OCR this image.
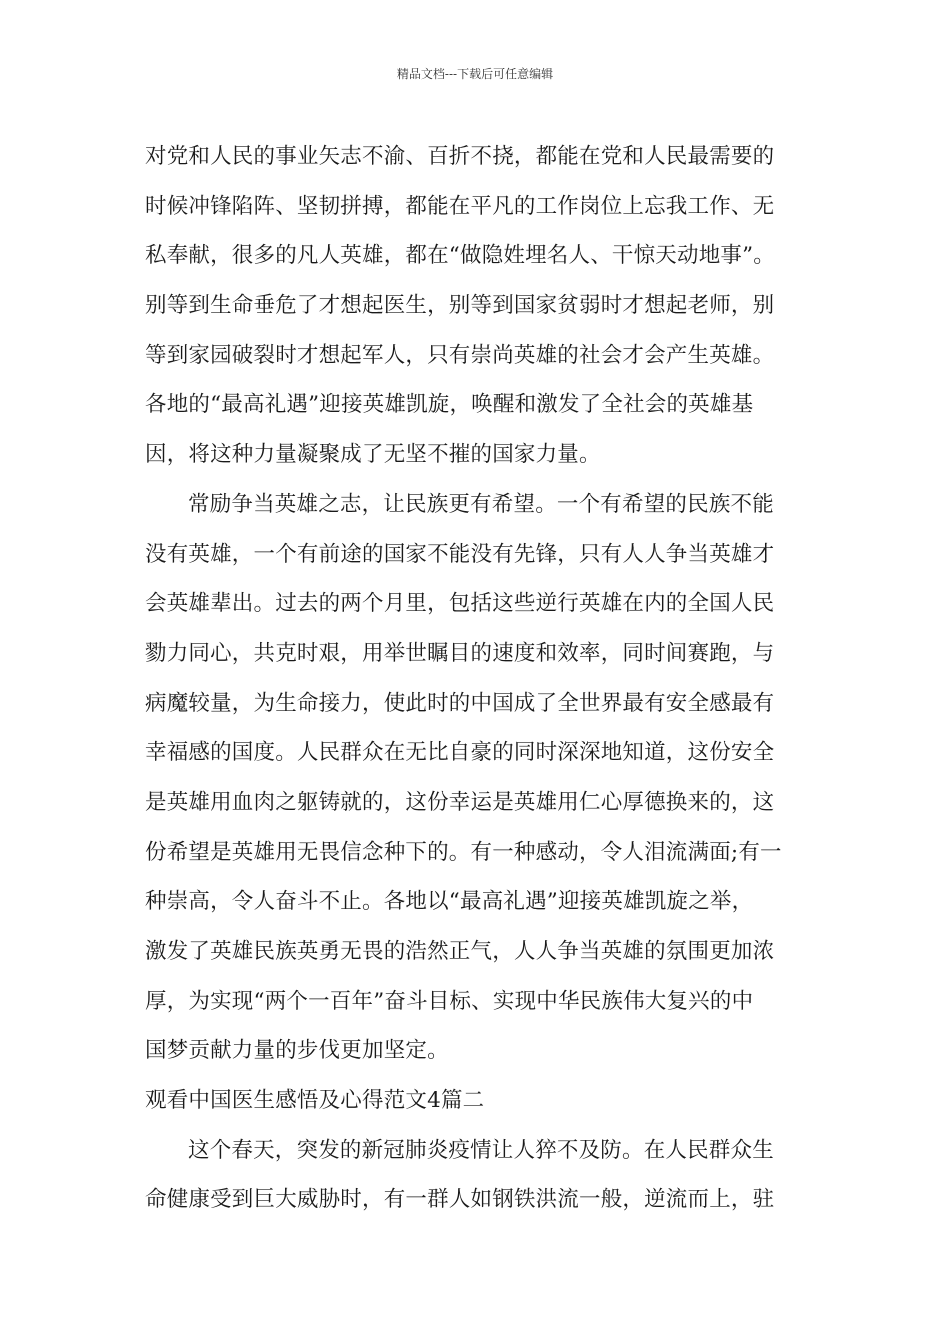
精品文档---下载后可任意编辑
对党和人民的事业矢志不渝、百折不挠，都能在党和人民最需要的
时候冲锋陷阵、坚韧拼搏，都能在平凡的工作岗位上忘我工作、无
私奉献，很多的凡人英雄，都在“做隐姓埋名人、干惊天动地事”。
别等到生命垂危了才想起医生，别等到国家贫弱时才想起老师，别
等到家园破裂时才想起军人，只有崇尚英雄的社会才会产生英雄。
各地的“最高礼遇”迎接英雄凯旋，唤醒和激发了全社会的英雄基
因，将这种力量凝聚成了无坚不摧的国家力量。
常励争当英雄之志，让民族更有希望。一个有希望的民族不能
没有英雄，一个有前途的国家不能没有先锋，只有人人争当英雄才
会英雄辈出。过去的两个月里，包括这些逆行英雄在内的全国人民
勠力同心，共克时艰，用举世瞩目的速度和效率，同时间赛跑，与
病魔较量，为生命接力，使此时的中国成了全世界最有安全感最有
幸福感的国度。人民群众在无比自豪的同时深深地知道，这份安全
是英雄用血肉之躯铸就的，这份幸运是英雄用仁心厚德换来的，这
份希望是英雄用无畏信念种下的。有一种感动，令人泪流满面;有一
种崇高，令人奋斗不止。各地以“最高礼遇”迎接英雄凯旋之举，
激发了英雄民族英勇无畏的浩然正气，人人争当英雄的氛围更加浓
厚，为实现“两个一百年”奋斗目标、实现中华民族伟大复兴的中
国梦贡献力量的步伐更加坚定。
观看中国医生感悟及心得范文4篇二
这个春天，突发的新冠肺炎疫情让人猝不及防。在人民群众生
命健康受到巨大威胁时，有一群人如钢铁洪流一般，逆流而上，驻
